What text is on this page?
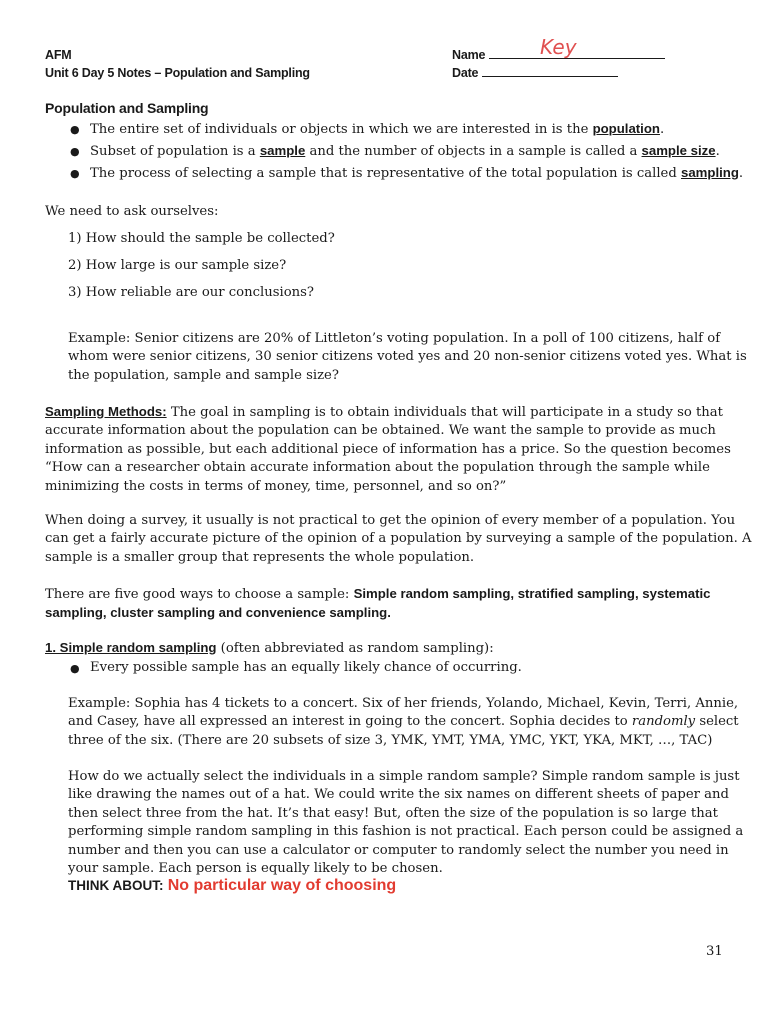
AFM
Unit 6 Day 5 Notes – Population and Sampling
Name	Key
Date
Population and Sampling
● The entire set of individuals or objects in which we are interested in is the population.
● Subset of population is a sample and the number of objects in a sample is called a sample size.
● The process of selecting a sample that is representative of the total population is called sampling.
We need to ask ourselves:
1) How should the sample be collected?
2) How large is our sample size?
3) How reliable are our conclusions?

Example: Senior citizens are 20% of Littleton’s voting population. In a poll of 100 citizens, half of

whom were senior citizens, 30 senior citizens voted yes and 20 non-senior citizens voted yes. What is

the population, sample and sample size?

Sampling Methods: The goal in sampling is to obtain individuals that will participate in a study so that

accurate information about the population can be obtained. We want the sample to provide as much

information as possible, but each additional piece of information has a price. So the question becomes

“How can a researcher obtain accurate information about the population through the sample while

minimizing the costs in terms of money, time, personnel, and so on?”

When doing a survey, it usually is not practical to get the opinion of every member of a population. You

can get a fairly accurate picture of the opinion of a population by surveying a sample of the population. A

sample is a smaller group that represents the whole population.

There are five good ways to choose a sample: Simple random sampling, stratified sampling, systematic

sampling, cluster sampling and convenience sampling.

1. Simple random sampling (often abbreviated as random sampling):
● Every possible sample has an equally likely chance of occurring.

Example: Sophia has 4 tickets to a concert. Six of her friends, Yolando, Michael, Kevin, Terri, Annie,

and Casey, have all expressed an interest in going to the concert. Sophia decides to randomly select

three of the six. (There are 20 subsets of size 3, YMK, YMT, YMA, YMC, YKT, YKA, MKT, …, TAC)

How do we actually select the individuals in a simple random sample? Simple random sample is just

like drawing the names out of a hat. We could write the six names on different sheets of paper and

then select three from the hat. It’s that easy! But, often the size of the population is so large that

performing simple random sampling in this fashion is not practical. Each person could be assigned a

number and then you can use a calculator or computer to randomly select the number you need in

your sample. Each person is equally likely to be chosen.

THINK ABOUT: No particular way of choosing
31
